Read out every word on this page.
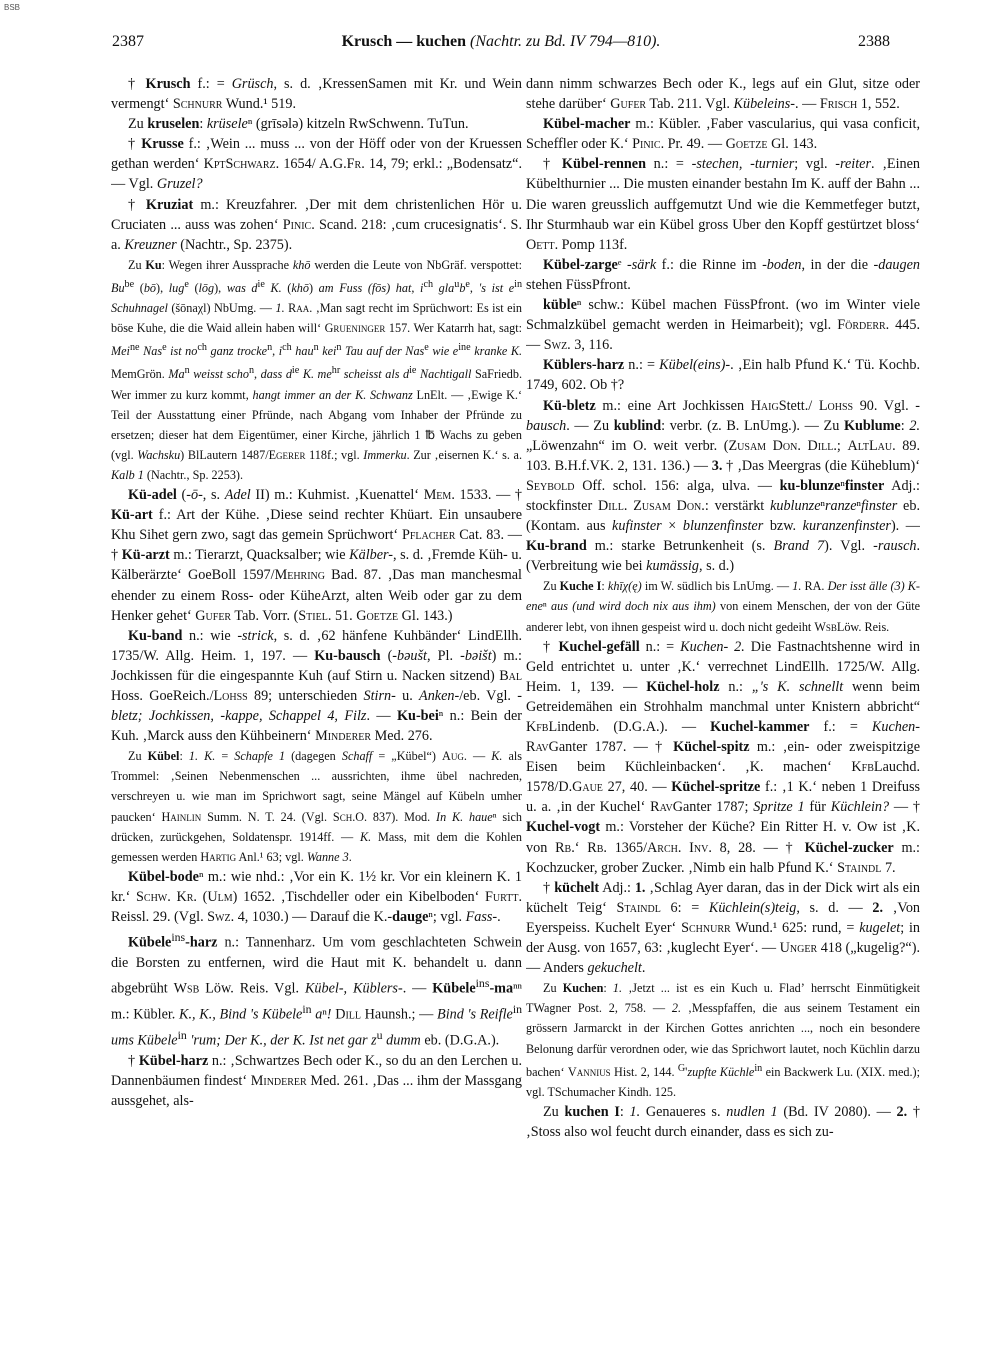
BSB
2387	Krusch — kuchen (Nachtr. zu Bd. IV 794—810).	2388

† Krusch f.: = Grüsch, s. d. ‚KressenSamen mit Kr. und Wein vermengt‘ Schnurr Wund.¹ 519.

Zu kruselen: krüseleⁿ (grīsələ) kitzeln RwSchwenn. TuTun.

† Krusse f.: ‚Wein ... muss ... von der Höff oder von der Kruessen gethan werden‘ KptSchwarz. 1654/ A.G.Fr. 14, 79; erkl.: „Bodensatz“. — Vgl. Gruzel?

† Kruziat m.: Kreuzfahrer. ‚Der mit dem christenlichen Hör u. Cruciaten ... auss was zohen‘ Pinic. Scand. 218: ‚cum crucesignatis‘. S. a. Kreuzner (Nachtr., Sp. 2375).

Zu Ku: Wegen ihrer Aussprache khō werden die Leute von NbGräf. verspottet: $Bu^{be}$ (bō), lug$^e$ (lōg), was $d^{ie}$ K. (khō) am Fuss (fōs) hat, $i^{ch}$ $gla^ub^e$, 's ist $e^{in}$ Schuhnagel (šōnaχl) NbUmg. — 1. Raa. ‚Man sagt recht im Sprüchwort: Es ist ein böse Kuhe, die die Waid allein haben will‘ Grueninger 157. Wer Katarrh hat, sagt: Mei$^{ne}$ Nas$^e$ ist $no^{ch}$ ganz trocke$^n$, $i^{ch}$ hau$^n$ kei$^n$ Tau auf der Nas$^e$ wie $e^{ine}$ kranke K. MemGrön. Ma$^n$ weisst scho$^n$, dass $d^{ie}$ K. $me^{hr}$ scheisst als $d^{ie}$ Nachtigall SaFriedb. Wer immer zu kurz kommt, hangt immer an der K. Schwanz LnElt. — ‚Ewige K.‘ Teil der Ausstattung einer Pfründe, nach Abgang vom Inhaber der Pfründe zu ersetzen; dieser hat dem Eigentümer, einer Kirche, jährlich 1 ℔ Wachs zu geben (vgl. Wachsku) BlLautern 1487/Egerer 118f.; vgl. Immerku. Zur ‚eisernen K.‘ s. a. Kalb 1 (Nachtr., Sp. 2253).

Kü-adel (-ō-, s. Adel II) m.: Kuhmist. ‚Kuenattel‘ Mem. 1533. — † Kü-art f.: Art der Kühe. ‚Diese seind rechter Khüart. Ein unsaubere Khu Sihet gern zwo, sagt das gemein Sprüchwort‘ Pflacher Cat. 83. — † Kü-arzt m.: Tierarzt, Quacksalber; wie Kälber-, s. d. ‚Fremde Küh- u. Kälberärzte‘ GoeBoll 1597/Mehring Bad. 87. ‚Das man manchesmal ehender zu einem Ross- oder KüheArzt, alten Weib oder gar zu dem Henker gehet‘ Gufer Tab. Vorr. (Stiel. 51. Goetze Gl. 143.)

Ku-band n.: wie -strick, s. d. ‚62 hänfene Kuhbänder‘ LindEllh. 1735/W. Allg. Heim. 1, 197. — Ku-bausch (-bəušt, Pl. -bəišt) m.: Jochkissen für die eingespannte Kuh (auf Stirn u. Nacken sitzend) Bal Hoss. GoeReich./Lohss 89; unterschieden Stirn- u. Anken-/eb. Vgl. -bletz; Jochkissen, -kappe, Schappel 4, Filz. — Ku-beiⁿ n.: Bein der Kuh. ‚Marck auss den Kühbeinern‘ Minderer Med. 276.

Zu Kübel: 1. K. = Schapfe 1 (dagegen Schaff = „Kübel“) Aug. — K. als Trommel: ‚Seinen Nebenmenschen ... aussrichten, ihme übel nachreden, verschreyen u. wie man im Sprichwort sagt, seine Mängel auf Kübeln umher paucken‘ Hainlin Summ. N. T. 24. (Vgl. Sch.O. 837). Mod. In K. haueⁿ sich drücken, zurückgehen, Soldatenspr. 1914ff. — K. Mass, mit dem die Kohlen gemessen werden Hartig Anl.¹ 63; vgl. Wanne 3.

Kübel-bodeⁿ m.: wie nhd.: ‚Vor ein K. 1½ kr. Vor ein kleinern K. 1 kr.‘ Schw. Kr. (Ulm) 1652. ‚Tischdeller oder ein Kibelboden‘ Furtt. Reissl. 29. (Vgl. Swz. 4, 1030.) — Darauf die K.-daugeⁿ; vgl. Fass-.

Kübele$^{ins}$-harz n.: Tannenharz. Um vom geschlachteten Schwein die Borsten zu entfernen, wird die Haut mit K. behandelt u. dann abgebrüht Wsb Löw. Reis. Vgl. Kübel-, Küblers-. — Kübele$^{ins}$-maⁿⁿ m.: Kübler. K., K., Bind 's Kübele$^{in}$ aⁿ! Dill Haunsh.; — Bind 's Reifle$^{in}$ ums Kübele$^{in}$ 'rum; Der K., der K. Ist net gar $z^u$ dumm eb. (D.G.A.).

† Kübel-harz n.: ‚Schwartzes Bech oder K., so du an den Lerchen u. Dannenbäumen findest‘ Minderer Med. 261. ‚Das ... ihm der Massgang aussgehet, als-

dann nimm schwarzes Bech oder K., legs auf ein Glut, sitze oder stehe darüber‘ Gufer Tab. 211. Vgl. Kübeleins-. — Frisch 1, 552.

Kübel-macher m.: Kübler. ‚Faber vascularius, qui vasa conficit, Scheffler oder K.‘ Pinic. Pr. 49. — Goetze Gl. 143.

† Kübel-rennen n.: = -stechen, -turnier; vgl. -reiter. ‚Einen Kübelthurnier ... Die musten einander bestahn Im K. auff der Bahn ... Die waren greusslich auffgemutzt Und wie die Kemmetfeger butzt, Ihr Sturmhaub war ein Kübel gross Uber den Kopff gestürtzet bloss‘ Oett. Pomp 113f.

Kübel-zargeᵉ -särk f.: die Rinne im -boden, in der die -daugen stehen FüssPfront.

kübleⁿ schw.: Kübel machen FüssPfront. (wo im Winter viele Schmalzkübel gemacht werden in Heimarbeit); vgl. Förderr. 445. — Swz. 3, 116.

Küblers-harz n.: = Kübel(eins)-. ‚Ein halb Pfund K.‘ Tü. Kochb. 1749, 602. Ob †?

Kü-bletz m.: eine Art Jochkissen HaigStett./ Lohss 90. Vgl. -bausch. — Zu kublind: verbr. (z. B. LnUmg.). — Zu Kublume: 2. „Löwenzahn“ im O. weit verbr. (Zusam Don. Dill.; AltLau. 89. 103. B.H.f.VK. 2, 131. 136.) — 3. † ‚Das Meergras (die Küheblum)‘ Seybold Off. schol. 156: alga, ulva. — ku-blunzeⁿfinster Adj.: stockfinster Dill. Zusam Don.: verstärkt kublunzeⁿranzeⁿfinster eb. (Kontam. aus kufinster × blunzenfinster bzw. kuranzenfinster). — Ku-brand m.: starke Betrunkenheit (s. Brand 7). Vgl. -rausch. (Verbreitung wie bei kumässig, s. d.)

Zu Kuche I: khīχ(ę) im W. südlich bis LnUmg. — 1. RA. Der isst älle (3) K-eneⁿ aus (und wird doch nix aus ihm) von einem Menschen, der von der Güte anderer lebt, von ihnen gespeist wird u. doch nicht gedeiht WsbLöw. Reis.

† Kuchel-gefäll n.: = Kuchen- 2. Die Fastnachtshenne wird in Geld entrichtet u. unter ‚K.‘ verrechnet LindEllh. 1725/W. Allg. Heim. 1, 139. — Küchel-holz n.: „'s K. schnellt wenn beim Getreidemähen ein Strohhalm manchmal unter Knistern abbricht“ KfbLindenb. (D.G.A.). — Kuchel-kammer f.: = Kuchen- RavGanter 1787. — † Küchel-spitz m.: ‚ein- oder zweispitzige Eisen beim Küchleinbacken‘. ‚K. machen‘ KfbLauchd. 1578/D.Gaue 27, 40. — Küchel-spritze f.: ‚1 K.‘ neben 1 Dreifuss u. a. ‚in der Kuchel‘ RavGanter 1787; Spritze 1 für Küchlein? — † Kuchel-vogt m.: Vorsteher der Küche? Ein Ritter H. v. Ow ist ‚K. von Rb.‘ Rb. 1365/Arch. Inv. 8, 28. — † Küchel-zucker m.: Kochzucker, grober Zucker. ‚Nimb ein halb Pfund K.‘ Staindl 7.

† küchelt Adj.: 1. ‚Schlag Ayer daran, das in der Dick wirt als ein küchelt Teig‘ Staindl 6: = Küchlein(s)teig, s. d. — 2. ‚Von Eyerspeiss. Kuchelt Eyer‘ Schnurr Wund.¹ 625: rund, = kugelet; in der Ausg. von 1657, 63: ‚kuglecht Eyer‘. — Unger 418 („kugelig?“). — Anders gekuchelt.

Zu Kuchen: 1. ‚Jetzt ... ist es ein Kuch u. Fladʼ herrscht Einmütigkeit TWagner Post. 2, 758. — 2. ‚Messpfaffen, die aus seinem Testament ein grössern Jarmarckt in der Kirchen Gottes anrichten ..., noch ein besondere Belonung darfür verordnen oder, wie das Sprichwort lautet, noch Küchlin darzu bachen‘ Vannius Hist. 2, 144. $^G$'zupfte Küchle$^{in}$ ein Backwerk Lu. (XIX. med.); vgl. TSchumacher Kindh. 125.

Zu kuchen I: 1. Genaueres s. nudlen 1 (Bd. IV 2080). — 2. † ‚Stoss also wol feucht durch einander, dass es sich zu-
